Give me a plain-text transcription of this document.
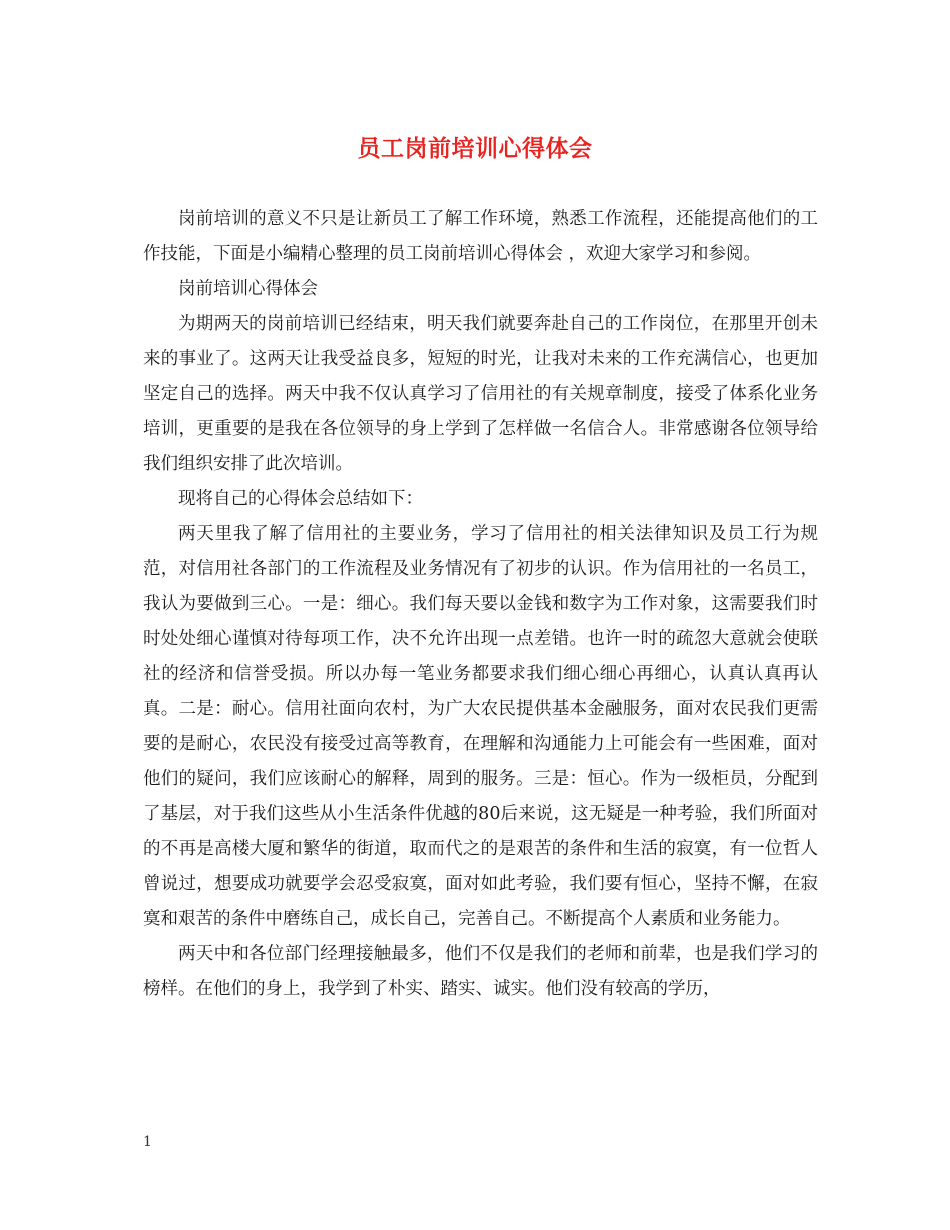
员工岗前培训心得体会

岗前培训的意义不只是让新员工了解工作环境，熟悉工作流程，还能提高他们的工作技能，下面是小编精心整理的员工岗前培训心得体会 ，欢迎大家学习和参阅。

岗前培训心得体会

为期两天的岗前培训已经结束，明天我们就要奔赴自己的工作岗位，在那里开创未来的事业了。这两天让我受益良多，短短的时光，让我对未来的工作充满信心，也更加坚定自己的选择。两天中我不仅认真学习了信用社的有关规章制度，接受了体系化业务培训，更重要的是我在各位领导的身上学到了怎样做一名信合人。非常感谢各位领导给我们组织安排了此次培训。

现将自己的心得体会总结如下：

两天里我了解了信用社的主要业务，学习了信用社的相关法律知识及员工行为规范，对信用社各部门的工作流程及业务情况有了初步的认识。作为信用社的一名员工，我认为要做到三心。一是：细心。我们每天要以金钱和数字为工作对象，这需要我们时时处处细心谨慎对待每项工作，决不允许出现一点差错。也许一时的疏忽大意就会使联社的经济和信誉受损。所以办每一笔业务都要求我们细心细心再细心，认真认真再认真。二是：耐心。信用社面向农村，为广大农民提供基本金融服务，面对农民我们更需要的是耐心，农民没有接受过高等教育，在理解和沟通能力上可能会有一些困难，面对他们的疑问，我们应该耐心的解释，周到的服务。三是：恒心。作为一级柜员，分配到了基层，对于我们这些从小生活条件优越的80后来说，这无疑是一种考验，我们所面对的不再是高楼大厦和繁华的街道，取而代之的是艰苦的条件和生活的寂寞，有一位哲人曾说过，想要成功就要学会忍受寂寞，面对如此考验，我们要有恒心，坚持不懈，在寂寞和艰苦的条件中磨练自己，成长自己，完善自己。不断提高个人素质和业务能力。

两天中和各位部门经理接触最多，他们不仅是我们的老师和前辈，也是我们学习的榜样。在他们的身上，我学到了朴实、踏实、诚实。他们没有较高的学历，

1
